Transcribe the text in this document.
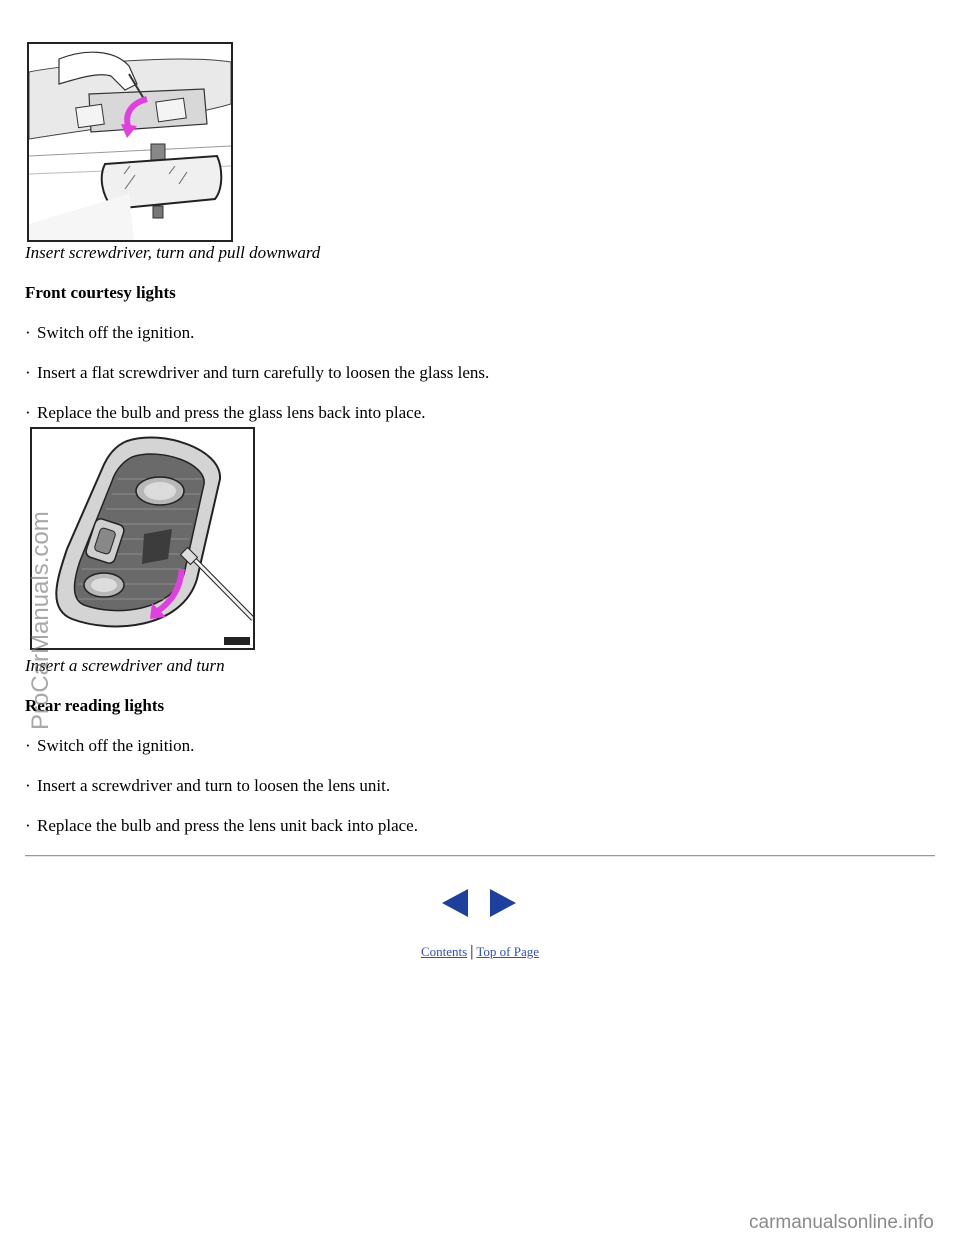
Insert screwdriver, turn and pull downward
Front courtesy lights
· Switch off the ignition.
· Insert a flat screwdriver and turn carefully to loosen the glass lens.
· Replace the bulb and press the glass lens back into place.
Insert a screwdriver and turn
Rear reading lights
· Switch off the ignition.
· Insert a screwdriver and turn to loosen the lens unit.
· Replace the bulb and press the lens unit back into place.
Contents | Top of Page
ProCarManuals.com
carmanualsonline.info
